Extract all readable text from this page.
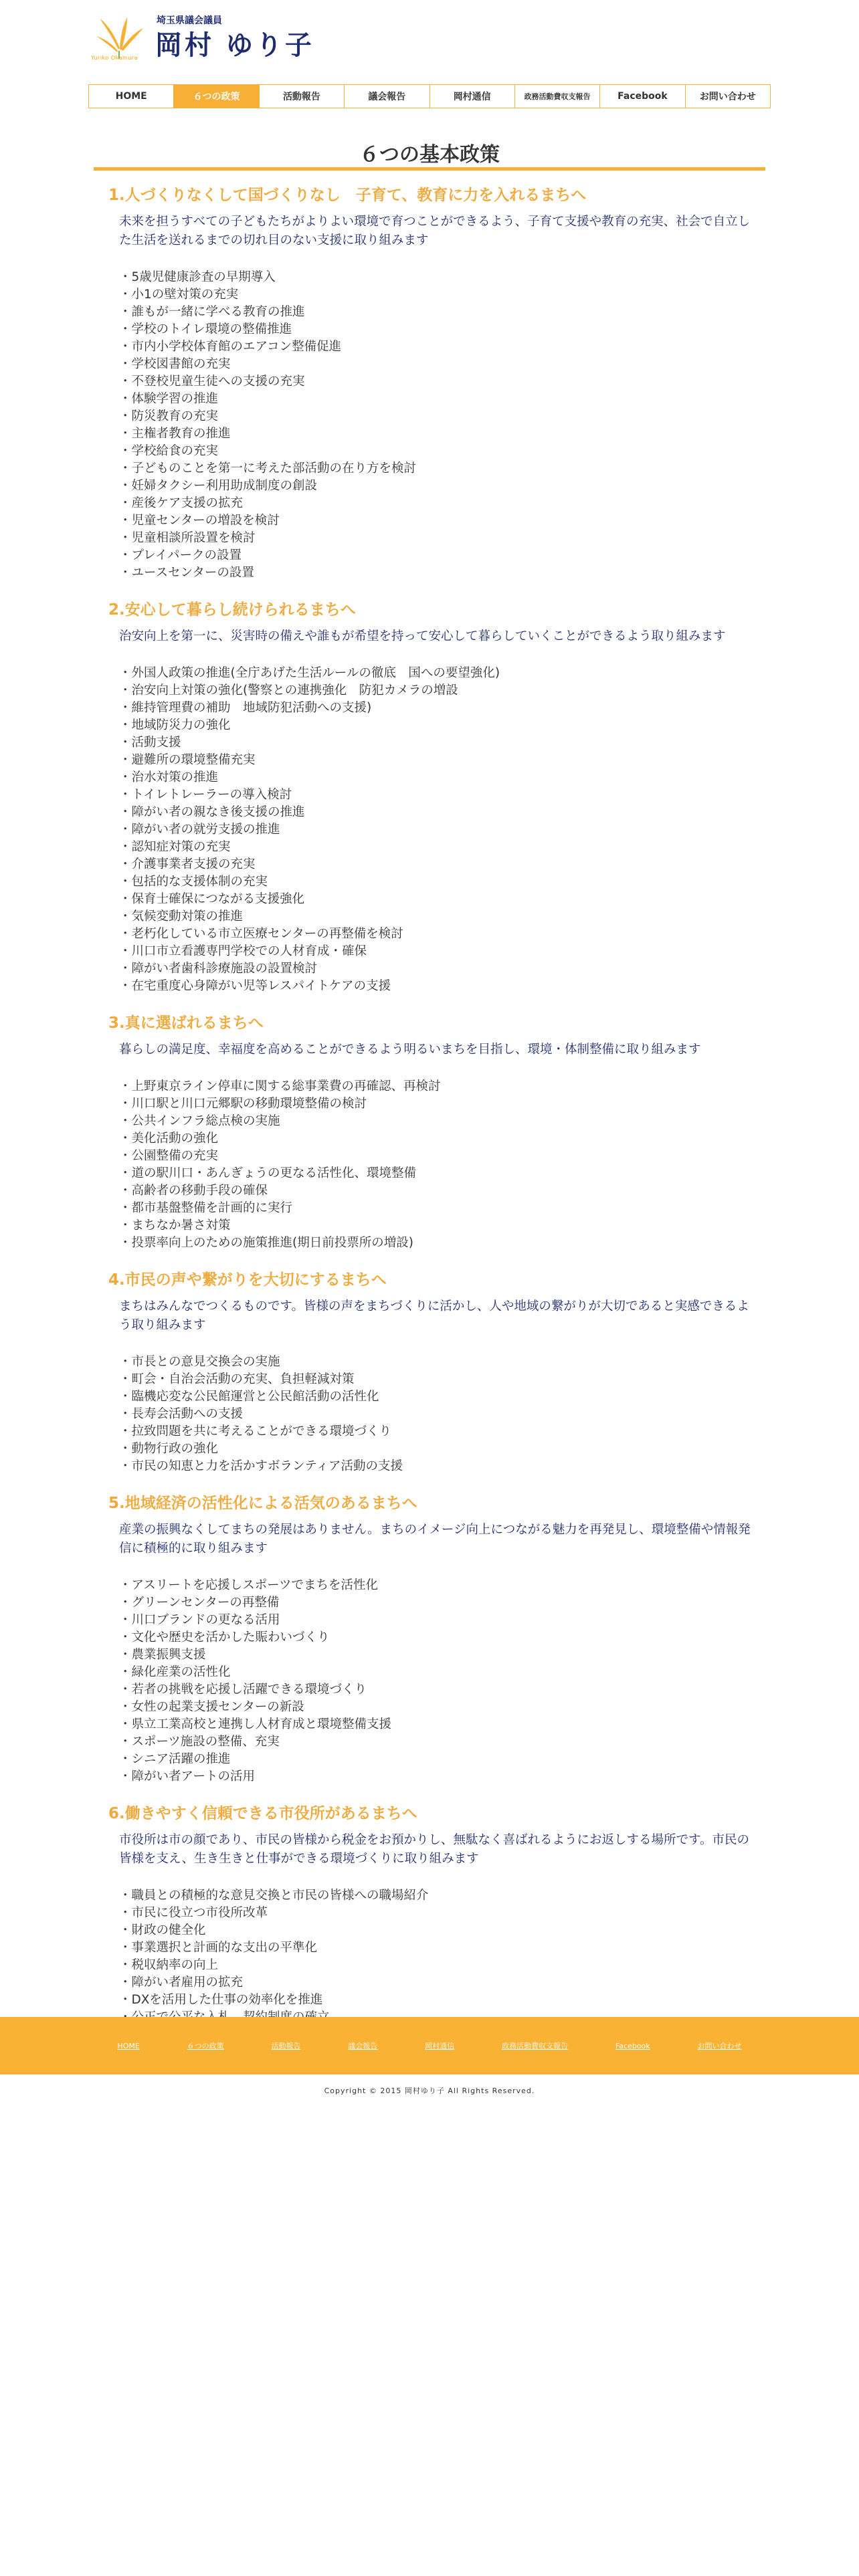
Yuriko Okamura
埼玉県議会議員
岡村 ゆり子
HOME	６つの政策	活動報告	議会報告	岡村通信	政務活動費収支報告	Facebook	お問い合わせ
６つの基本政策
1.人づくりなくして国づくりなし　子育て、教育に力を入れるまちへ

未来を担うすべての子どもたちがよりよい環境で育つことができるよう、子育て支援や教育の充実、社会で自立した生活を送れるまでの切れ目のない支援に取り組みます

・5歳児健康診査の早期導入
・小1の壁対策の充実
・誰もが一緒に学べる教育の推進
・学校のトイレ環境の整備推進
・市内小学校体育館のエアコン整備促進
・学校図書館の充実
・不登校児童生徒への支援の充実
・体験学習の推進
・防災教育の充実
・主権者教育の推進
・学校給食の充実
・子どものことを第一に考えた部活動の在り方を検討
・妊婦タクシー利用助成制度の創設
・産後ケア支援の拡充
・児童センターの増設を検討
・児童相談所設置を検討
・プレイパークの設置
・ユースセンターの設置
2.安心して暮らし続けられるまちへ

治安向上を第一に、災害時の備えや誰もが希望を持って安心して暮らしていくことができるよう取り組みます

・外国人政策の推進(全庁あげた生活ルールの徹底　国への要望強化)
・治安向上対策の強化(警察との連携強化　防犯カメラの増設
・維持管理費の補助　地域防犯活動への支援)
・地域防災力の強化
・活動支援
・避難所の環境整備充実
・治水対策の推進
・トイレトレーラーの導入検討
・障がい者の親なき後支援の推進
・障がい者の就労支援の推進
・認知症対策の充実
・介護事業者支援の充実
・包括的な支援体制の充実
・保育士確保につながる支援強化
・気候変動対策の推進
・老朽化している市立医療センターの再整備を検討
・川口市立看護専門学校での人材育成・確保
・障がい者歯科診療施設の設置検討
・在宅重度心身障がい児等レスパイトケアの支援
3.真に選ばれるまちへ

暮らしの満足度、幸福度を高めることができるよう明るいまちを目指し、環境・体制整備に取り組みます

・上野東京ライン停車に関する総事業費の再確認、再検討
・川口駅と川口元郷駅の移動環境整備の検討
・公共インフラ総点検の実施
・美化活動の強化
・公園整備の充実
・道の駅川口・あんぎょうの更なる活性化、環境整備
・高齢者の移動手段の確保
・都市基盤整備を計画的に実行
・まちなか暑さ対策
・投票率向上のための施策推進(期日前投票所の増設)
4.市民の声や繋がりを大切にするまちへ

まちはみんなでつくるものです。皆様の声をまちづくりに活かし、人や地域の繋がりが大切であると実感できるよう取り組みます

・市長との意見交換会の実施
・町会・自治会活動の充実、負担軽減対策
・臨機応変な公民館運営と公民館活動の活性化
・長寿会活動への支援
・拉致問題を共に考えることができる環境づくり
・動物行政の強化
・市民の知恵と力を活かすボランティア活動の支援
5.地域経済の活性化による活気のあるまちへ

産業の振興なくしてまちの発展はありません。まちのイメージ向上につながる魅力を再発見し、環境整備や情報発信に積極的に取り組みます

・アスリートを応援しスポーツでまちを活性化
・グリーンセンターの再整備
・川口ブランドの更なる活用
・文化や歴史を活かした賑わいづくり
・農業振興支援
・緑化産業の活性化
・若者の挑戦を応援し活躍できる環境づくり
・女性の起業支援センターの新設
・県立工業高校と連携し人材育成と環境整備支援
・スポーツ施設の整備、充実
・シニア活躍の推進
・障がい者アートの活用
6.働きやすく信頼できる市役所があるまちへ

市役所は市の顔であり、市民の皆様から税金をお預かりし、無駄なく喜ばれるようにお返しする場所です。市民の皆様を支え、生き生きと仕事ができる環境づくりに取り組みます

・職員との積極的な意見交換と市民の皆様への職場紹介
・市民に役立つ市役所改革
・財政の健全化
・事業選択と計画的な支出の平準化
・税収納率の向上
・障がい者雇用の拡充
・DXを活用した仕事の効率化を推進
HOME	６つの政策	活動報告	議会報告	岡村通信	政務活動費収支報告	Facebook	お問い合わせ
Copyright © 2015 岡村ゆり子 All Rights Reserved.
